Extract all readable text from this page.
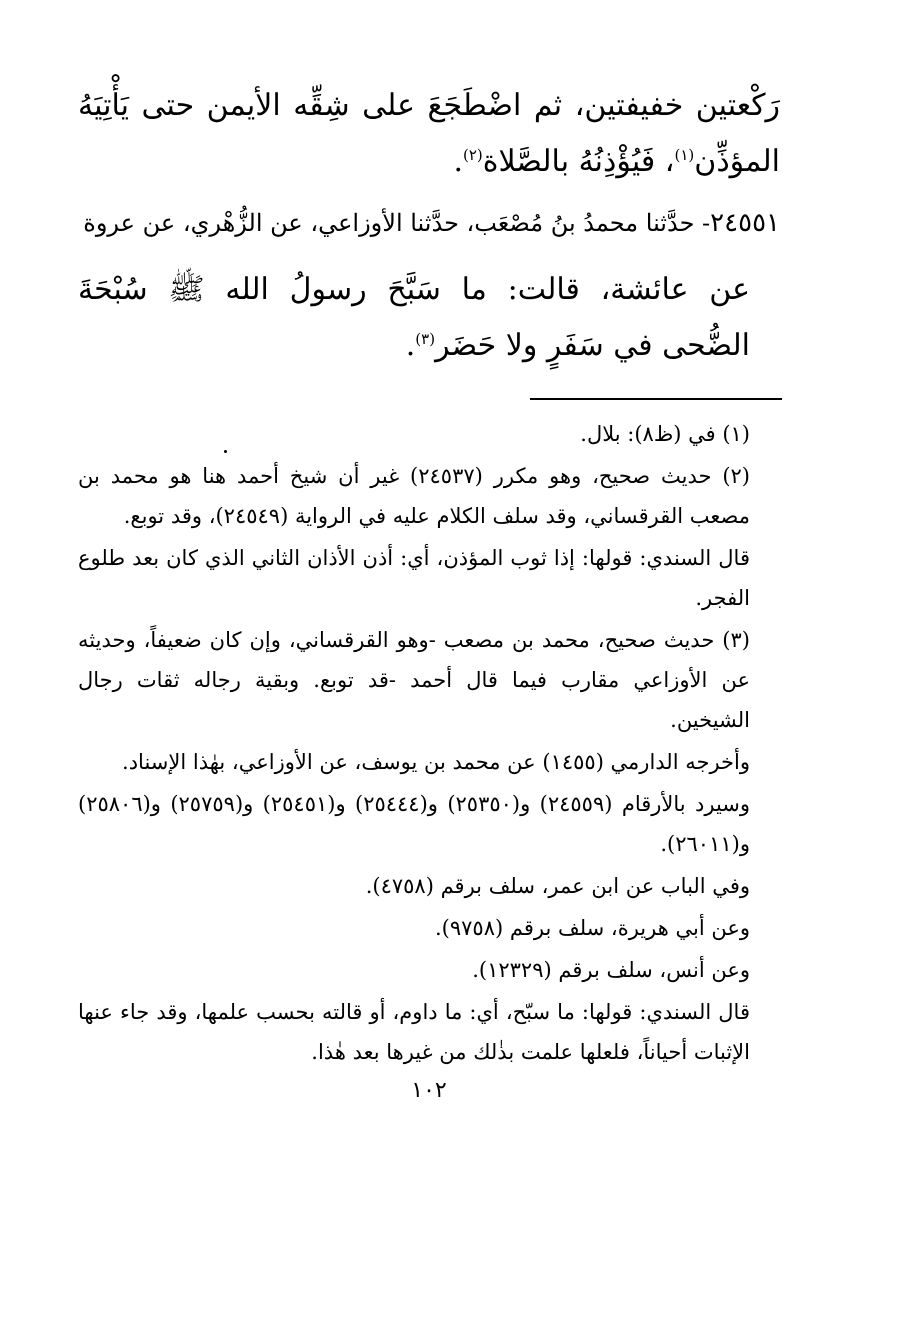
رَكْعتين خفيفتين، ثم اضْطَجَعَ على شِقِّه الأيمن حتى يَأْتِيَهُ المؤذِّن$^{(١)}$، فَيُؤْذِنُهُ بالصَّلاة$^{(٢)}$.

٢٤٥٥١- حدَّثنا محمدُ بنُ مُصْعَب، حدَّثنا الأوزاعي، عن الزُّهْري، عن عروة

عن عائشة، قالت: ما سَبَّحَ رسولُ الله ﷺ سُبْحَةَ الضُّحى في سَفَرٍ ولا حَضَر$^{(٣)}$.

(١) في (ظ٨): بلال.

(٢) حديث صحيح، وهو مكرر (٢٤٥٣٧) غير أن شيخ أحمد هنا هو محمد بن مصعب القرقساني، وقد سلف الكلام عليه في الرواية (٢٤٥٤٩)، وقد توبع.

قال السندي: قولها: إذا ثوب المؤذن، أي: أذن الأذان الثاني الذي كان بعد طلوع الفجر.

(٣) حديث صحيح، محمد بن مصعب -وهو القرقساني، وإن كان ضعيفاً، وحديثه عن الأوزاعي مقارب فيما قال أحمد -قد توبع. وبقية رجاله ثقات رجال الشيخين.

وأخرجه الدارمي (١٤٥٥) عن محمد بن يوسف، عن الأوزاعي، بهٰذا الإسناد.

وسيرد بالأرقام (٢٤٥٥٩) و(٢٥٣٥٠) و(٢٥٤٤٤) و(٢٥٤٥١) و(٢٥٧٥٩) و(٢٥٨٠٦) و(٢٦٠١١).

وفي الباب عن ابن عمر، سلف برقم (٤٧٥٨).

وعن أبي هريرة، سلف برقم (٩٧٥٨).

وعن أنس، سلف برقم (١٢٣٢٩).

قال السندي: قولها: ما سبّح، أي: ما داوم، أو قالته بحسب علمها، وقد جاء عنها الإثبات أحياناً، فلعلها علمت بذٰلك من غيرها بعد هٰذا.

١٠٢
